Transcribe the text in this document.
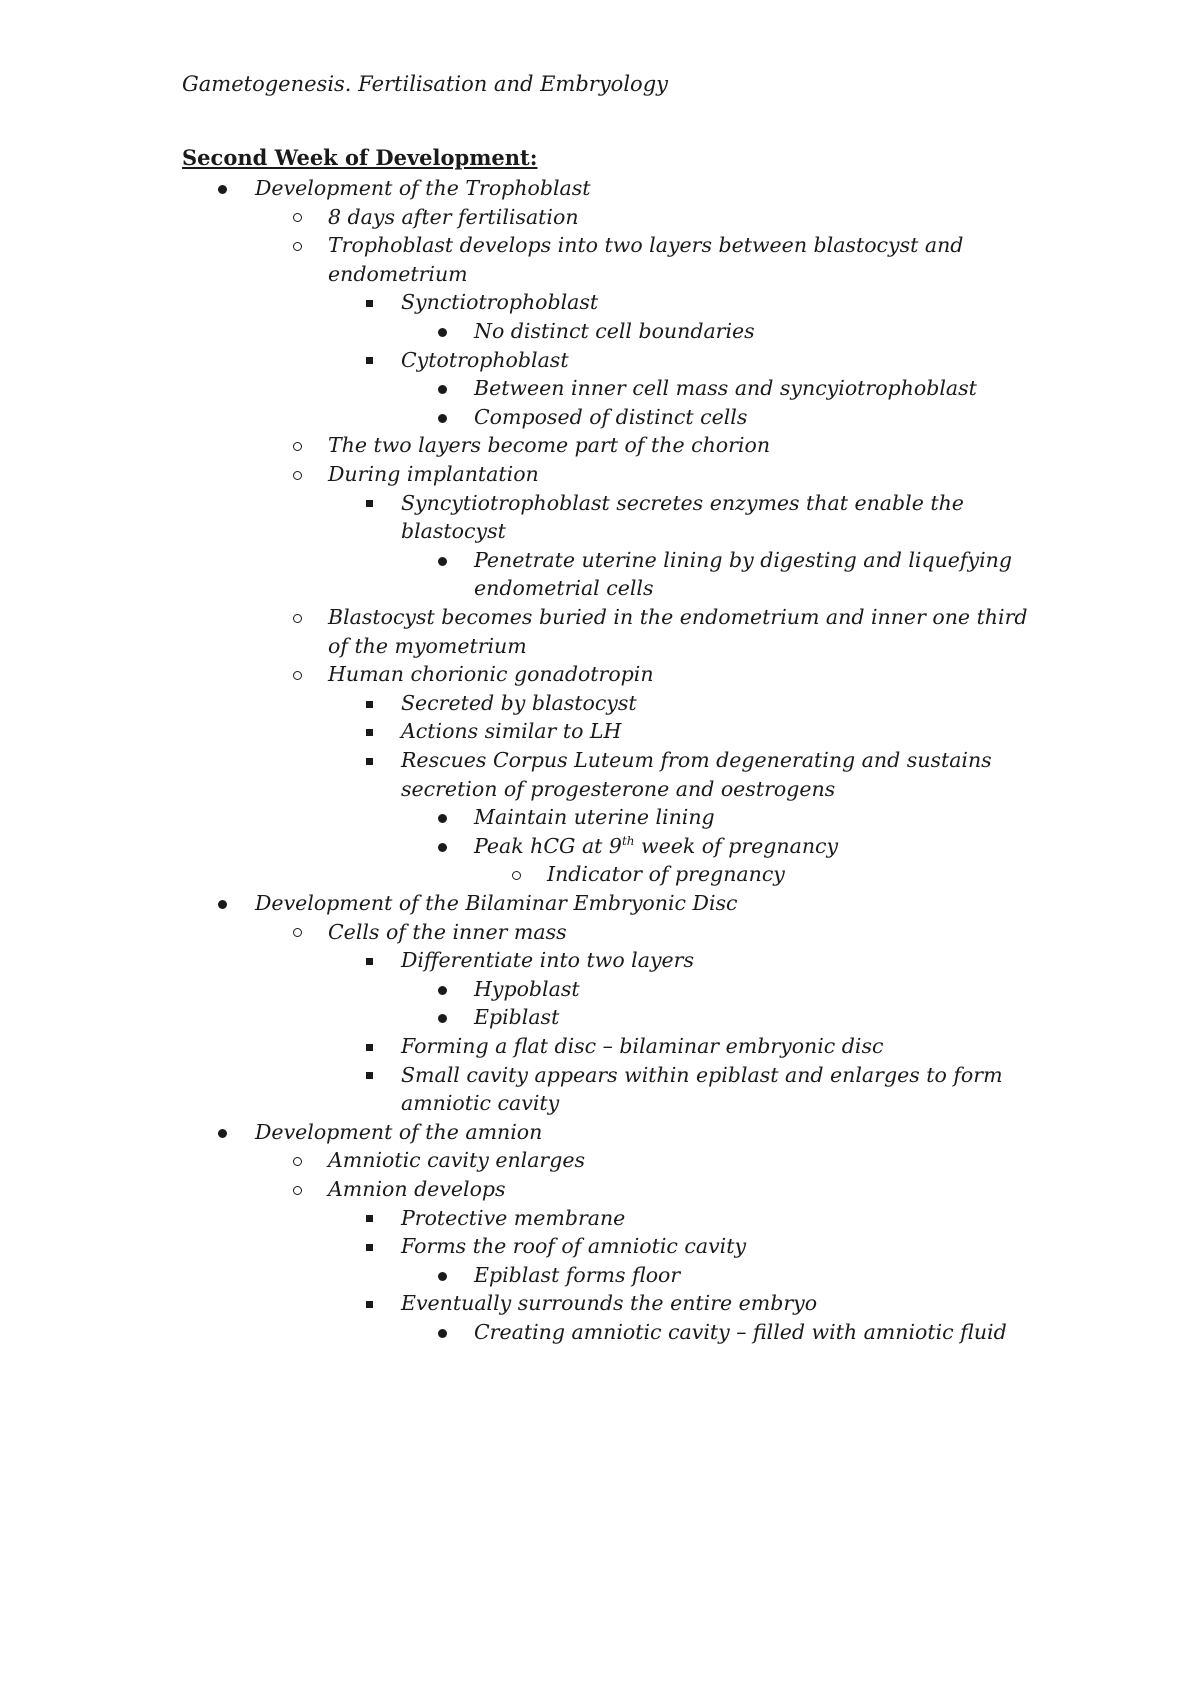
Gametogenesis. Fertilisation and Embryology
Second Week of Development:
Development of the Trophoblast
8 days after fertilisation
Trophoblast develops into two layers between blastocyst and
endometrium
Synctiotrophoblast
No distinct cell boundaries
Cytotrophoblast
Between inner cell mass and syncyiotrophoblast
Composed of distinct cells
The two layers become part of the chorion
During implantation
Syncytiotrophoblast secretes enzymes that enable the
blastocyst
Penetrate uterine lining by digesting and liquefying
endometrial cells
Blastocyst becomes buried in the endometrium and inner one third
of the myometrium
Human chorionic gonadotropin
Secreted by blastocyst
Actions similar to LH
Rescues Corpus Luteum from degenerating and sustains
secretion of progesterone and oestrogens
Maintain uterine lining
Peak hCG at 9th week of pregnancy
Indicator of pregnancy
Development of the Bilaminar Embryonic Disc
Cells of the inner mass
Differentiate into two layers
Hypoblast
Epiblast
Forming a flat disc – bilaminar embryonic disc
Small cavity appears within epiblast and enlarges to form
amniotic cavity
Development of the amnion
Amniotic cavity enlarges
Amnion develops
Protective membrane
Forms the roof of amniotic cavity
Epiblast forms floor
Eventually surrounds the entire embryo
Creating amniotic cavity – filled with amniotic fluid
